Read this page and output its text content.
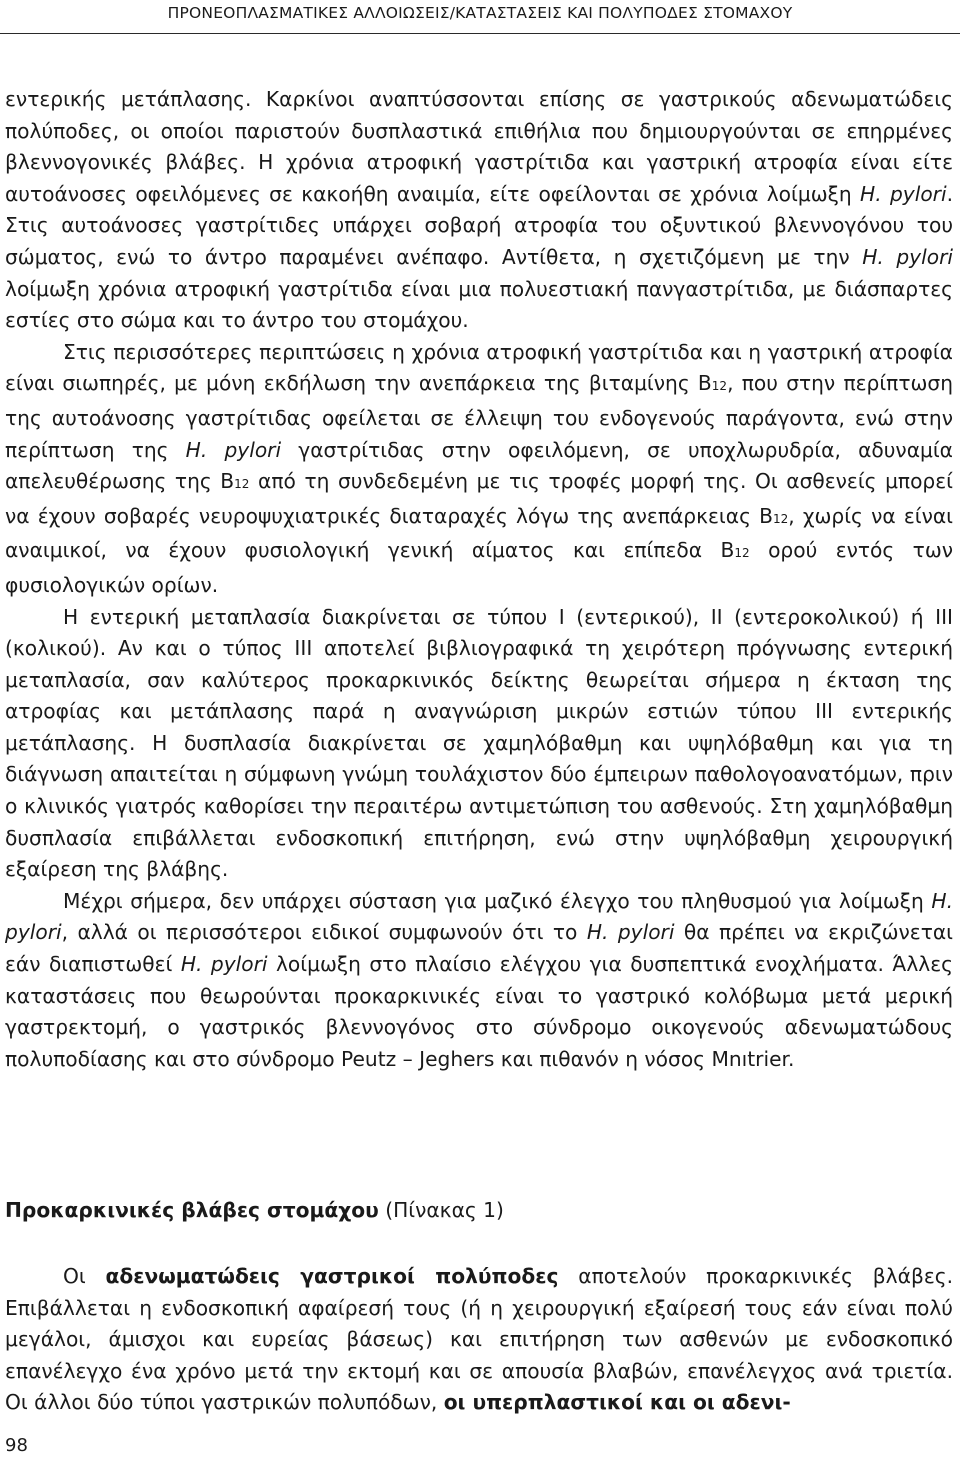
ΠΡΟΝΕΟΠΛΑΣΜΑΤΙΚΕΣ ΑΛΛΟΙΩΣΕΙΣ/ΚΑΤΑΣΤΑΣΕΙΣ ΚΑΙ ΠΟΛΥΠΟΔΕΣ ΣΤΟΜΑΧΟΥ

εντερικής μετάπλασης. Καρκίνοι αναπτύσσονται επίσης σε γαστρικούς αδενωματώδεις πολύποδες, οι οποίοι παριστούν δυσπλαστικά επιθήλια που δημιουργούνται σε επηρμένες βλεννογονικές βλάβες. Η χρόνια ατροφική γαστρίτιδα και γαστρική ατροφία είναι είτε αυτοάνοσες οφειλόμενες σε κακοήθη αναιμία, είτε οφείλονται σε χρόνια λοίμωξη H. pylori. Στις αυτοάνοσες γαστρίτιδες υπάρχει σοβαρή ατροφία του οξυντικού βλεννογόνου του σώματος, ενώ το άντρο παραμένει ανέπαφο. Αντίθετα, η σχετιζόμενη με την H. pylori λοίμωξη χρόνια ατροφική γαστρίτιδα είναι μια πολυεστιακή πανγαστρίτιδα, με διάσπαρτες εστίες στο σώμα και το άντρο του στομάχου.

Στις περισσότερες περιπτώσεις η χρόνια ατροφική γαστρίτιδα και η γαστρική ατροφία είναι σιωπηρές, με μόνη εκδήλωση την ανεπάρκεια της βιταμίνης Β12, που στην περίπτωση της αυτοάνοσης γαστρίτιδας οφείλεται σε έλλειψη του ενδογενούς παράγοντα, ενώ στην περίπτωση της H. pylori γαστρίτιδας στην οφειλόμενη, σε υποχλωρυδρία, αδυναμία απελευθέρωσης της Β12 από τη συνδεδεμένη με τις τροφές μορφή της. Οι ασθενείς μπορεί να έχουν σοβαρές νευροψυχιατρικές διαταραχές λόγω της ανεπάρκειας Β12, χωρίς να είναι αναιμικοί, να έχουν φυσιολογική γενική αίματος και επίπεδα Β12 ορού εντός των φυσιολογικών ορίων.

Η εντερική μεταπλασία διακρίνεται σε τύπου Ι (εντερικού), ΙΙ (εντεροκολικού) ή ΙΙΙ (κολικού). Αν και ο τύπος ΙΙΙ αποτελεί βιβλιογραφικά τη χειρότερη πρόγνωσης εντερική μεταπλασία, σαν καλύτερος προκαρκινικός δείκτης θεωρείται σήμερα η έκταση της ατροφίας και μετάπλασης παρά η αναγνώριση μικρών εστιών τύπου ΙΙΙ εντερικής μετάπλασης. Η δυσπλασία διακρίνεται σε χαμηλόβαθμη και υψηλόβαθμη και για τη διάγνωση απαιτείται η σύμφωνη γνώμη τουλάχιστον δύο έμπειρων παθολογοανατόμων, πριν ο κλινικός γιατρός καθορίσει την περαιτέρω αντιμετώπιση του ασθενούς. Στη χαμηλόβαθμη δυσπλασία επιβάλλεται ενδοσκοπική επιτήρηση, ενώ στην υψηλόβαθμη χειρουργική εξαίρεση της βλάβης.

Μέχρι σήμερα, δεν υπάρχει σύσταση για μαζικό έλεγχο του πληθυσμού για λοίμωξη H. pylori, αλλά οι περισσότεροι ειδικοί συμφωνούν ότι το H. pylori θα πρέπει να εκριζώνεται εάν διαπιστωθεί H. pylori λοίμωξη στο πλαίσιο ελέγχου για δυσπεπτικά ενοχλήματα. Άλλες καταστάσεις που θεωρούνται προκαρκινικές είναι το γαστρικό κολόβωμα μετά μερική γαστρεκτομή, ο γαστρικός βλεννογόνος στο σύνδρομο οικογενούς αδενωματώδους πολυποδίασης και στο σύνδρομο Peutz – Jeghers και πιθανόν η νόσος Mnıtrier.

Προκαρκινικές βλάβες στομάχου (Πίνακας 1)

Οι αδενωματώδεις γαστρικοί πολύποδες αποτελούν προκαρκινικές βλάβες. Επιβάλλεται η ενδοσκοπική αφαίρεσή τους (ή η χειρουργική εξαίρεσή τους εάν είναι πολύ μεγάλοι, άμισχοι και ευρείας βάσεως) και επιτήρηση των ασθενών με ενδοσκοπικό επανέλεγχο ένα χρόνο μετά την εκτομή και σε απουσία βλαβών, επανέλεγχος ανά τριετία. Οι άλλοι δύο τύποι γαστρικών πολυπόδων, οι υπερπλαστικοί και οι αδενι-

98
